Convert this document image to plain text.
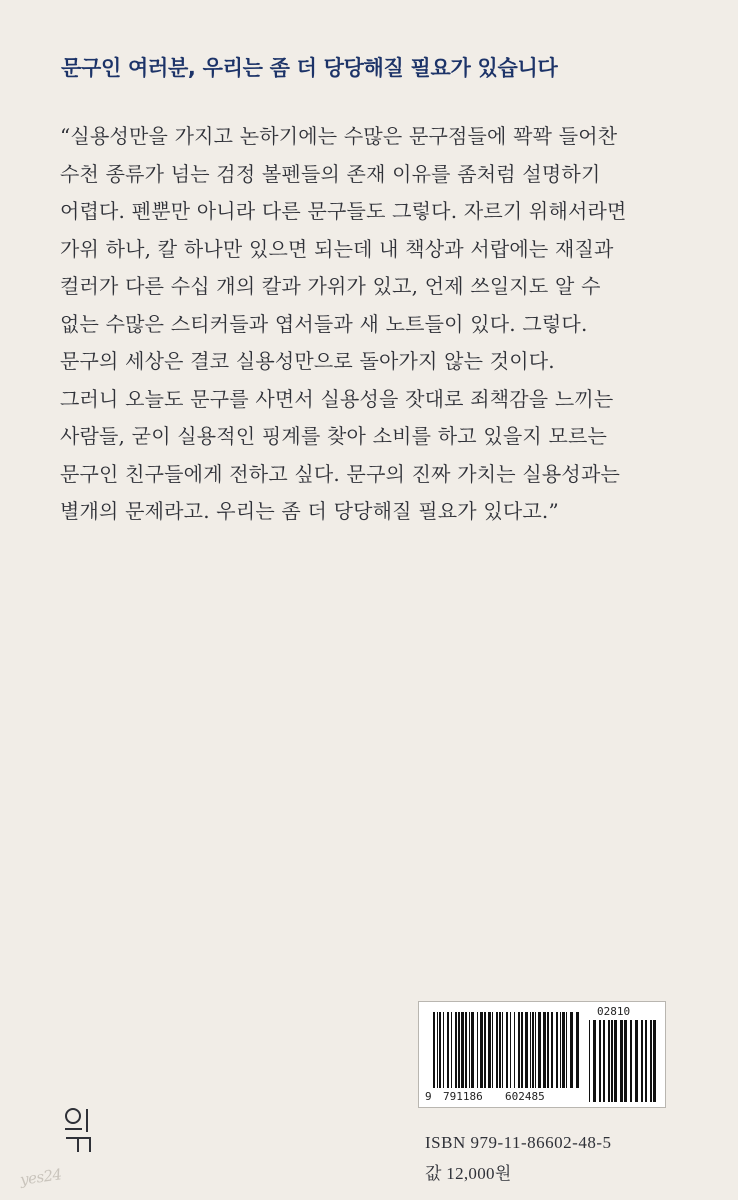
문구인 여러분, 우리는 좀 더 당당해질 필요가 있습니다
“실용성만을 가지고 논하기에는 수많은 문구점들에 꽉꽉 들어찬
수천 종류가 넘는 검정 볼펜들의 존재 이유를 좀처럼 설명하기
어렵다. 펜뿐만 아니라 다른 문구들도 그렇다. 자르기 위해서라면
가위 하나, 칼 하나만 있으면 되는데 내 책상과 서랍에는 재질과
컬러가 다른 수십 개의 칼과 가위가 있고, 언제 쓰일지도 알 수
없는 수많은 스티커들과 엽서들과 새 노트들이 있다. 그렇다.
문구의 세상은 결코 실용성만으로 돌아가지 않는 것이다.
그러니 오늘도 문구를 사면서 실용성을 잣대로 죄책감을 느끼는
사람들, 굳이 실용적인 핑계를 찾아 소비를 하고 있을지 모르는
문구인 친구들에게 전하고 싶다. 문구의 진짜 가치는 실용성과는
별개의 문제라고. 우리는 좀 더 당당해질 필요가 있다고.”
02810
9 791186 602485
ISBN 979-11-86602-48-5
값 12,000원
yes24
